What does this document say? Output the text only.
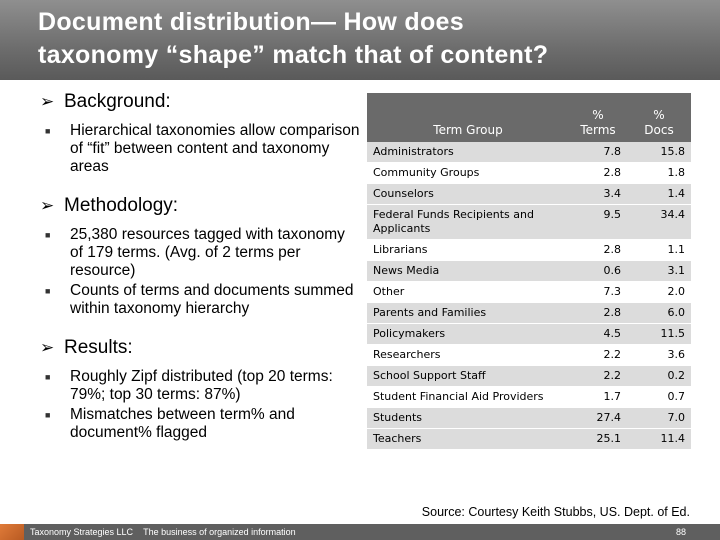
Document distribution— How does
taxonomy “shape” match that of content?
➢ Background:
■	Hierarchical taxonomies allow comparison of “fit” between content and taxonomy areas
➢ Methodology:
■	25,380 resources tagged with taxonomy of 179 terms. (Avg. of 2 terms per resource)
■	Counts of terms and documents summed within taxonomy hierarchy
➢ Results:
■	Roughly Zipf distributed (top 20 terms: 79%; top 30 terms: 87%)
■	Mismatches between term% and document% flagged
Term Group	% Terms	% Docs
Administrators	7.8	15.8
Community Groups	2.8	1.8
Counselors	3.4	1.4
Federal Funds Recipients and Applicants	9.5	34.4
Librarians	2.8	1.1
News Media	0.6	3.1
Other	7.3	2.0
Parents and Families	2.8	6.0
Policymakers	4.5	11.5
Researchers	2.2	3.6
School Support Staff	2.2	0.2
Student Financial Aid Providers	1.7	0.7
Students	27.4	7.0
Teachers	25.1	11.4
Source: Courtesy Keith Stubbs, US. Dept. of Ed.
Taxonomy Strategies LLC The business of organized information	88
